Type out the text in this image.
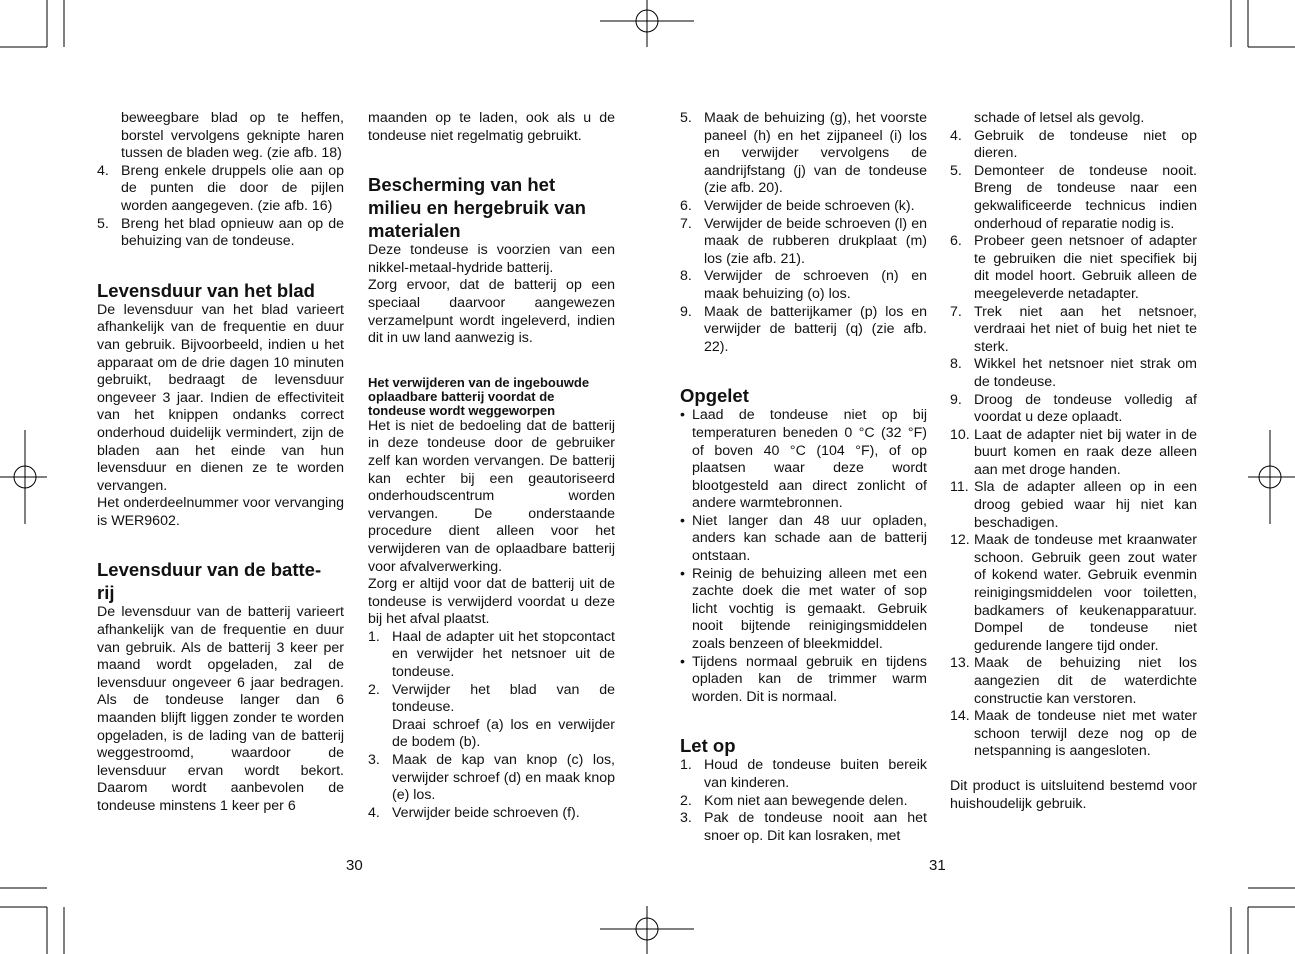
beweegbare blad op te heffen, borstel vervolgens geknipte haren tussen de bladen weg. (zie afb. 18)

4. Breng enkele druppels olie aan op de punten die door de pijlen worden aangegeven. (zie afb. 16)
5. Breng het blad opnieuw aan op de behuizing van de tondeuse.
Levensduur van het blad

De levensduur van het blad varieert afhankelijk van de frequentie en duur van gebruik. Bijvoorbeeld, indien u het apparaat om de drie dagen 10 minuten gebruikt, bedraagt de levensduur ongeveer 3 jaar. Indien de effectiviteit van het knippen ondanks correct onderhoud duidelijk vermindert, zijn de bladen aan het einde van hun levensduur en dienen ze te worden vervangen.

Het onderdeelnummer voor vervanging is WER9602.

Levensduur van de batte-
rij

De levensduur van de batterij varieert afhankelijk van de frequentie en duur van gebruik. Als de batterij 3 keer per maand wordt opgeladen, zal de levensduur ongeveer 6 jaar bedragen. Als de tondeuse langer dan 6 maanden blijft liggen zonder te worden opgeladen, is de lading van de batterij weggestroomd, waardoor de levensduur ervan wordt bekort. Daarom wordt aanbevolen de tondeuse minstens 1 keer per 6

maanden op te laden, ook als u de tondeuse niet regelmatig gebruikt.

Bescherming van het
milieu en hergebruik van
materialen

Deze tondeuse is voorzien van een nikkel-metaal-hydride batterij.

Zorg ervoor, dat de batterij op een speciaal daarvoor aangewezen verzamelpunt wordt ingeleverd, indien dit in uw land aanwezig is.

Het verwijderen van de ingebouwde oplaadbare batterij voordat de tondeuse wordt weggeworpen

Het is niet de bedoeling dat de batterij in deze tondeuse door de gebruiker zelf kan worden vervangen. De batterij kan echter bij een geautoriseerd onderhoudscentrum worden vervangen. De onderstaande procedure dient alleen voor het verwijderen van de oplaadbare batterij voor afvalverwerking.

Zorg er altijd voor dat de batterij uit de tondeuse is verwijderd voordat u deze bij het afval plaatst.

1. Haal de adapter uit het stopcontact en verwijder het netsnoer uit de tondeuse.
2. Verwijder het blad van de tondeuse.
Draai schroef (a) los en verwijder de bodem (b).
3. Maak de kap van knop (c) los, verwijder schroef (d) en maak knop (e) los.
4. Verwijder beide schroeven (f).
5. Maak de behuizing (g), het voorste paneel (h) en het zijpaneel (i) los en verwijder vervolgens de aandrijfstang (j) van de tondeuse (zie afb. 20).
6. Verwijder de beide schroeven (k).
7. Verwijder de beide schroeven (l) en maak de rubberen drukplaat (m) los (zie afb. 21).
8. Verwijder de schroeven (n) en maak behuizing (o) los.
9. Maak de batterijkamer (p) los en verwijder de batterij (q) (zie afb. 22).
Opgelet
• Laad de tondeuse niet op bij temperaturen beneden 0 °C (32 °F) of boven 40 °C (104 °F), of op plaatsen waar deze wordt blootgesteld aan direct zonlicht of andere warmtebronnen.
• Niet langer dan 48 uur opladen, anders kan schade aan de batterij ontstaan.
• Reinig de behuizing alleen met een zachte doek die met water of sop licht vochtig is gemaakt. Gebruik nooit bijtende reinigingsmiddelen zoals benzeen of bleekmiddel.
• Tijdens normaal gebruik en tijdens opladen kan de trimmer warm worden. Dit is normaal.
Let op
1. Houd de tondeuse buiten bereik van kinderen.
2. Kom niet aan bewegende delen.
3. Pak de tondeuse nooit aan het snoer op. Dit kan losraken, met

schade of letsel als gevolg.

4. Gebruik de tondeuse niet op dieren.
5. Demonteer de tondeuse nooit. Breng de tondeuse naar een gekwalificeerde technicus indien onderhoud of reparatie nodig is.
6. Probeer geen netsnoer of adapter te gebruiken die niet specifiek bij dit model hoort. Gebruik alleen de meegeleverde netadapter.
7. Trek niet aan het netsnoer, verdraai het niet of buig het niet te sterk.
8. Wikkel het netsnoer niet strak om de tondeuse.
9. Droog de tondeuse volledig af voordat u deze oplaadt.
10. Laat de adapter niet bij water in de buurt komen en raak deze alleen aan met droge handen.
11. Sla de adapter alleen op in een droog gebied waar hij niet kan beschadigen.
12. Maak de tondeuse met kraanwater schoon. Gebruik geen zout water of kokend water. Gebruik evenmin reinigingsmiddelen voor toiletten, badkamers of keukenapparatuur. Dompel de tondeuse niet gedurende langere tijd onder.
13. Maak de behuizing niet los aangezien dit de waterdichte constructie kan verstoren.
14. Maak de tondeuse niet met water schoon terwijl deze nog op de netspanning is aangesloten.

Dit product is uitsluitend bestemd voor huishoudelijk gebruik.

30	31
